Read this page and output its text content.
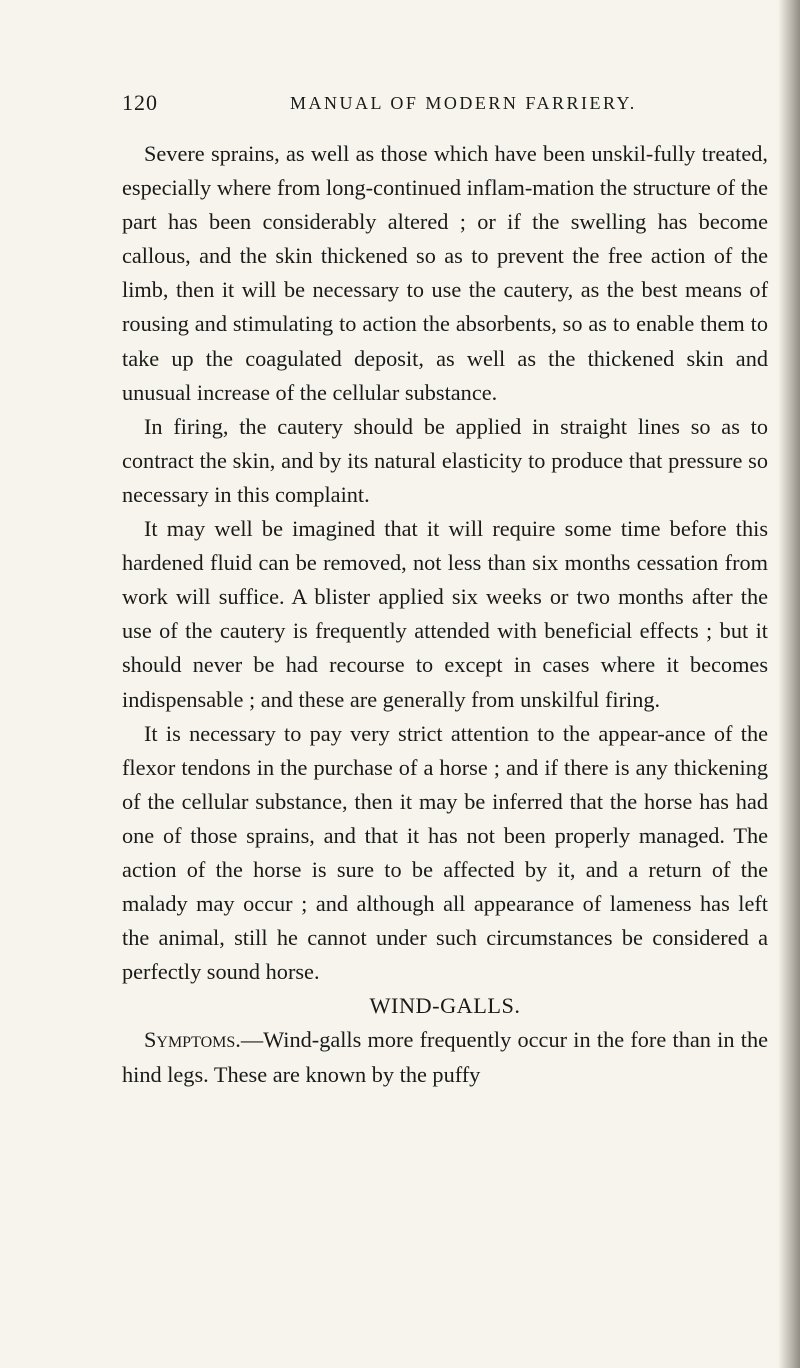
120	MANUAL OF MODERN FARRIERY.

Severe sprains, as well as those which have been unskil-fully treated, especially where from long-continued inflam-mation the structure of the part has been considerably altered ; or if the swelling has become callous, and the skin thickened so as to prevent the free action of the limb, then it will be necessary to use the cautery, as the best means of rousing and stimulating to action the absorbents, so as to enable them to take up the coagulated deposit, as well as the thickened skin and unusual increase of the cellular substance.

In firing, the cautery should be applied in straight lines so as to contract the skin, and by its natural elasticity to produce that pressure so necessary in this complaint.

It may well be imagined that it will require some time before this hardened fluid can be removed, not less than six months cessation from work will suffice. A blister applied six weeks or two months after the use of the cautery is frequently attended with beneficial effects ; but it should never be had recourse to except in cases where it becomes indispensable ; and these are generally from unskilful firing.

It is necessary to pay very strict attention to the appear-ance of the flexor tendons in the purchase of a horse ; and if there is any thickening of the cellular substance, then it may be inferred that the horse has had one of those sprains, and that it has not been properly managed. The action of the horse is sure to be affected by it, and a return of the malady may occur ; and although all appearance of lameness has left the animal, still he cannot under such circumstances be considered a perfectly sound horse.

WIND-GALLS.

Symptoms.—Wind-galls more frequently occur in the fore than in the hind legs. These are known by the puffy
